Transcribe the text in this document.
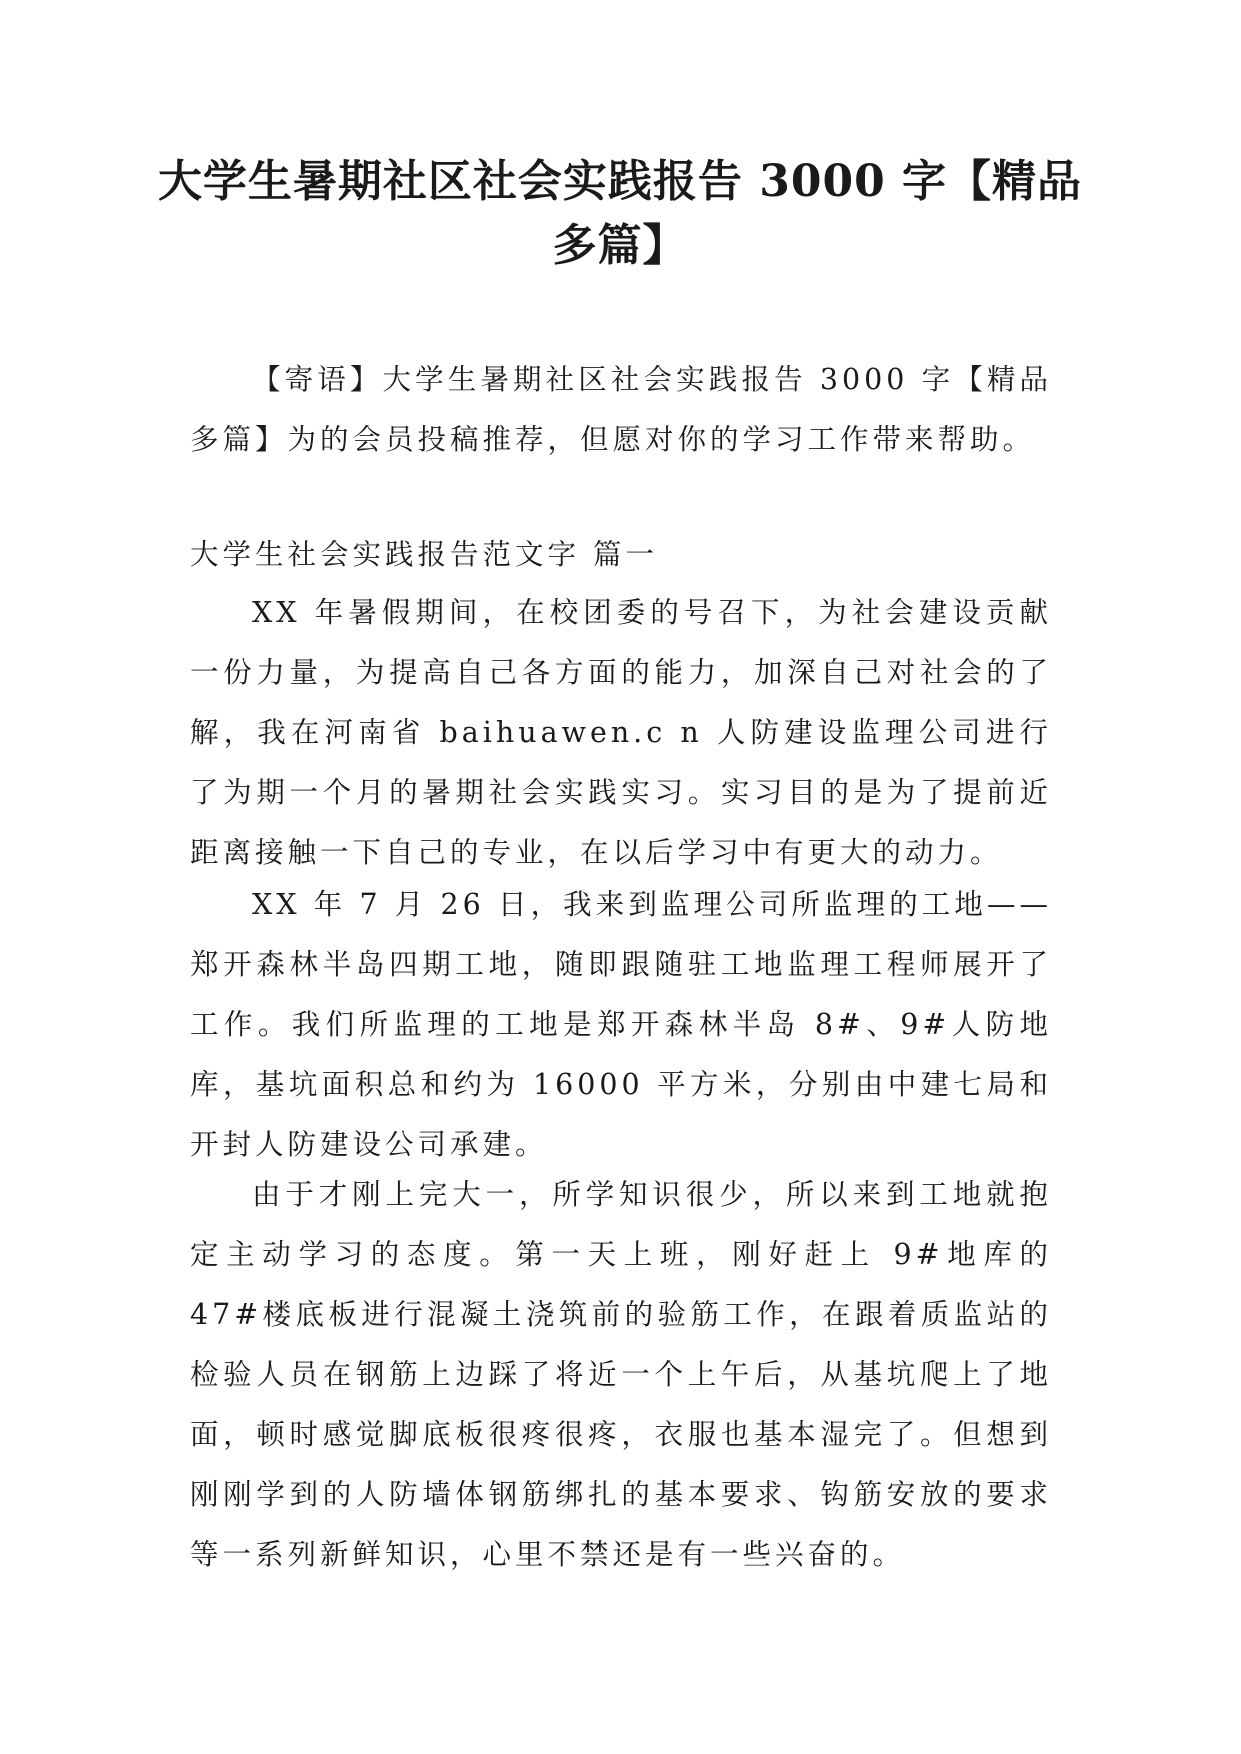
大学生暑期社区社会实践报告 3000 字【精品多篇】

【寄语】大学生暑期社区社会实践报告 3000 字【精品多篇】为的会员投稿推荐，但愿对你的学习工作带来帮助。

大学生社会实践报告范文字 篇一

XX 年暑假期间，在校团委的号召下，为社会建设贡献一份力量，为提高自己各方面的能力，加深自己对社会的了解，我在河南省 baihuawen.c n 人防建设监理公司进行了为期一个月的暑期社会实践实习。实习目的是为了提前近距离接触一下自己的专业，在以后学习中有更大的动力。

XX 年 7 月 26 日，我来到监理公司所监理的工地——郑开森林半岛四期工地，随即跟随驻工地监理工程师展开了工作。我们所监理的工地是郑开森林半岛 8#、9#人防地库，基坑面积总和约为 16000 平方米，分别由中建七局和开封人防建设公司承建。

由于才刚上完大一，所学知识很少，所以来到工地就抱定主动学习的态度。第一天上班，刚好赶上 9#地库的 47#楼底板进行混凝土浇筑前的验筋工作，在跟着质监站的检验人员在钢筋上边踩了将近一个上午后，从基坑爬上了地面，顿时感觉脚底板很疼很疼，衣服也基本湿完了。但想到刚刚学到的人防墙体钢筋绑扎的基本要求、钩筋安放的要求等一系列新鲜知识，心里不禁还是有一些兴奋的。
